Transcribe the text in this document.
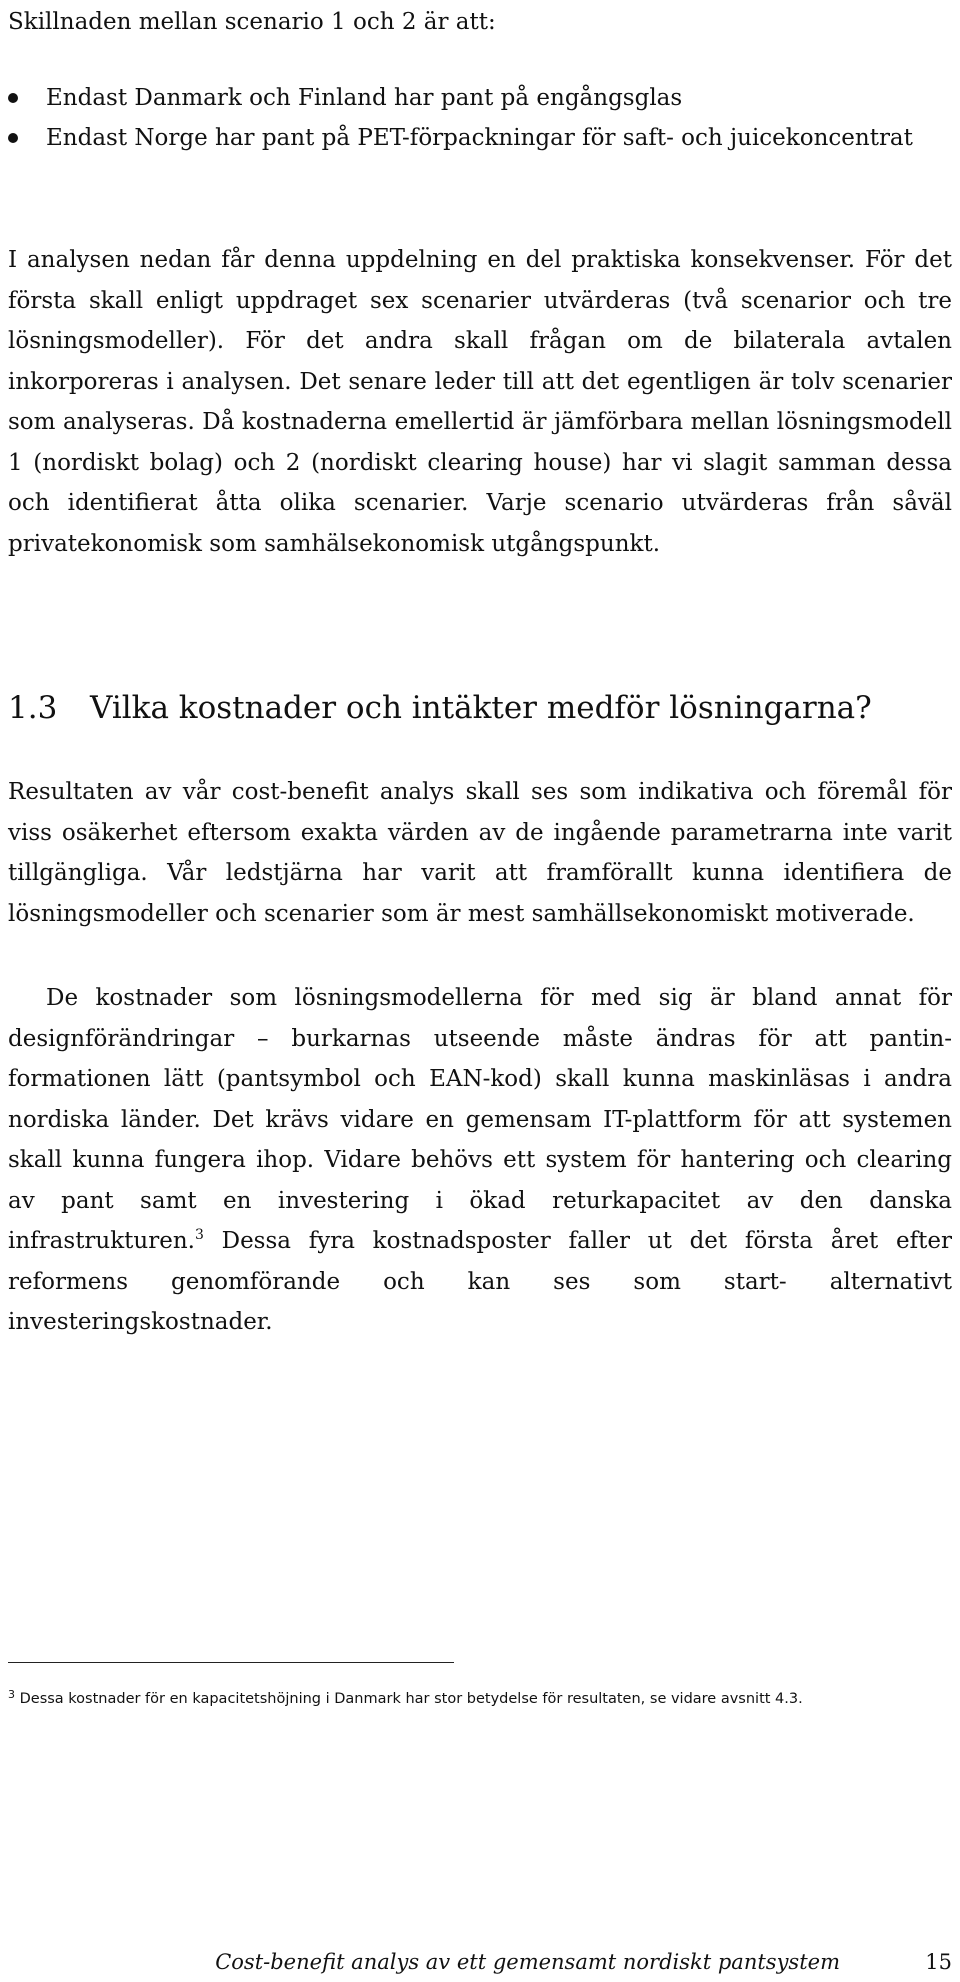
Skillnaden mellan scenario 1 och 2 är att:

Endast Danmark och Finland har pant på engångsglas
Endast Norge har pant på PET-förpackningar för saft- och juicekoncentrat

I analysen nedan får denna uppdelning en del praktiska konsekvenser. För det första skall enligt uppdraget sex scenarier utvärderas (två scenariοr och tre lösningsmodeller). För det andra skall frågan om de bilaterala avtalen inkorporeras i analysen. Det senare leder till att det egentligen är tolv scenarier som analyseras. Då kostnaderna emellertid är jämförbara mellan lösningsmodell 1 (nordiskt bolag) och 2 (nordiskt clearing house) har vi slagit samman dessa och identifierat åtta olika scenarier. Varje scenario utvärderas från såväl privatekonomisk som samhälsekonomisk utgångspunkt.

1.3 Vilka kostnader och intäkter medför lösningarna?

Resultaten av vår cost-benefit analys skall ses som indikativa och föremål för viss osäkerhet eftersom exakta värden av de ingående parametrarna inte varit tillgängliga. Vår ledstjärna har varit att framförallt kunna identifiera de lösningsmodeller och scenarier som är mest samhällsekonomiskt motiverade.

De kostnader som lösningsmodellerna för med sig är bland annat för designförändringar – burkarnas utseende måste ändras för att pantinformationen lätt (pantsymbol och EAN-kod) skall kunna maskinläsas i andra nordiska länder. Det krävs vidare en gemensam IT-plattform för att systemen skall kunna fungera ihop. Vidare behövs ett system för hantering och clearing av pant samt en investering i ökad returkapacitet av den danska infrastrukturen.$^3$ Dessa fyra kostnadsposter faller ut det första året efter reformens genomförande och kan ses som start- alternativt investeringskostnader.

$^3$ Dessa kostnader för en kapacitetshöjning i Danmark har stor betydelse för resultaten, se vidare avsnitt 4.3.

Cost-benefit analys av ett gemensamt nordiskt pantsystem	15
